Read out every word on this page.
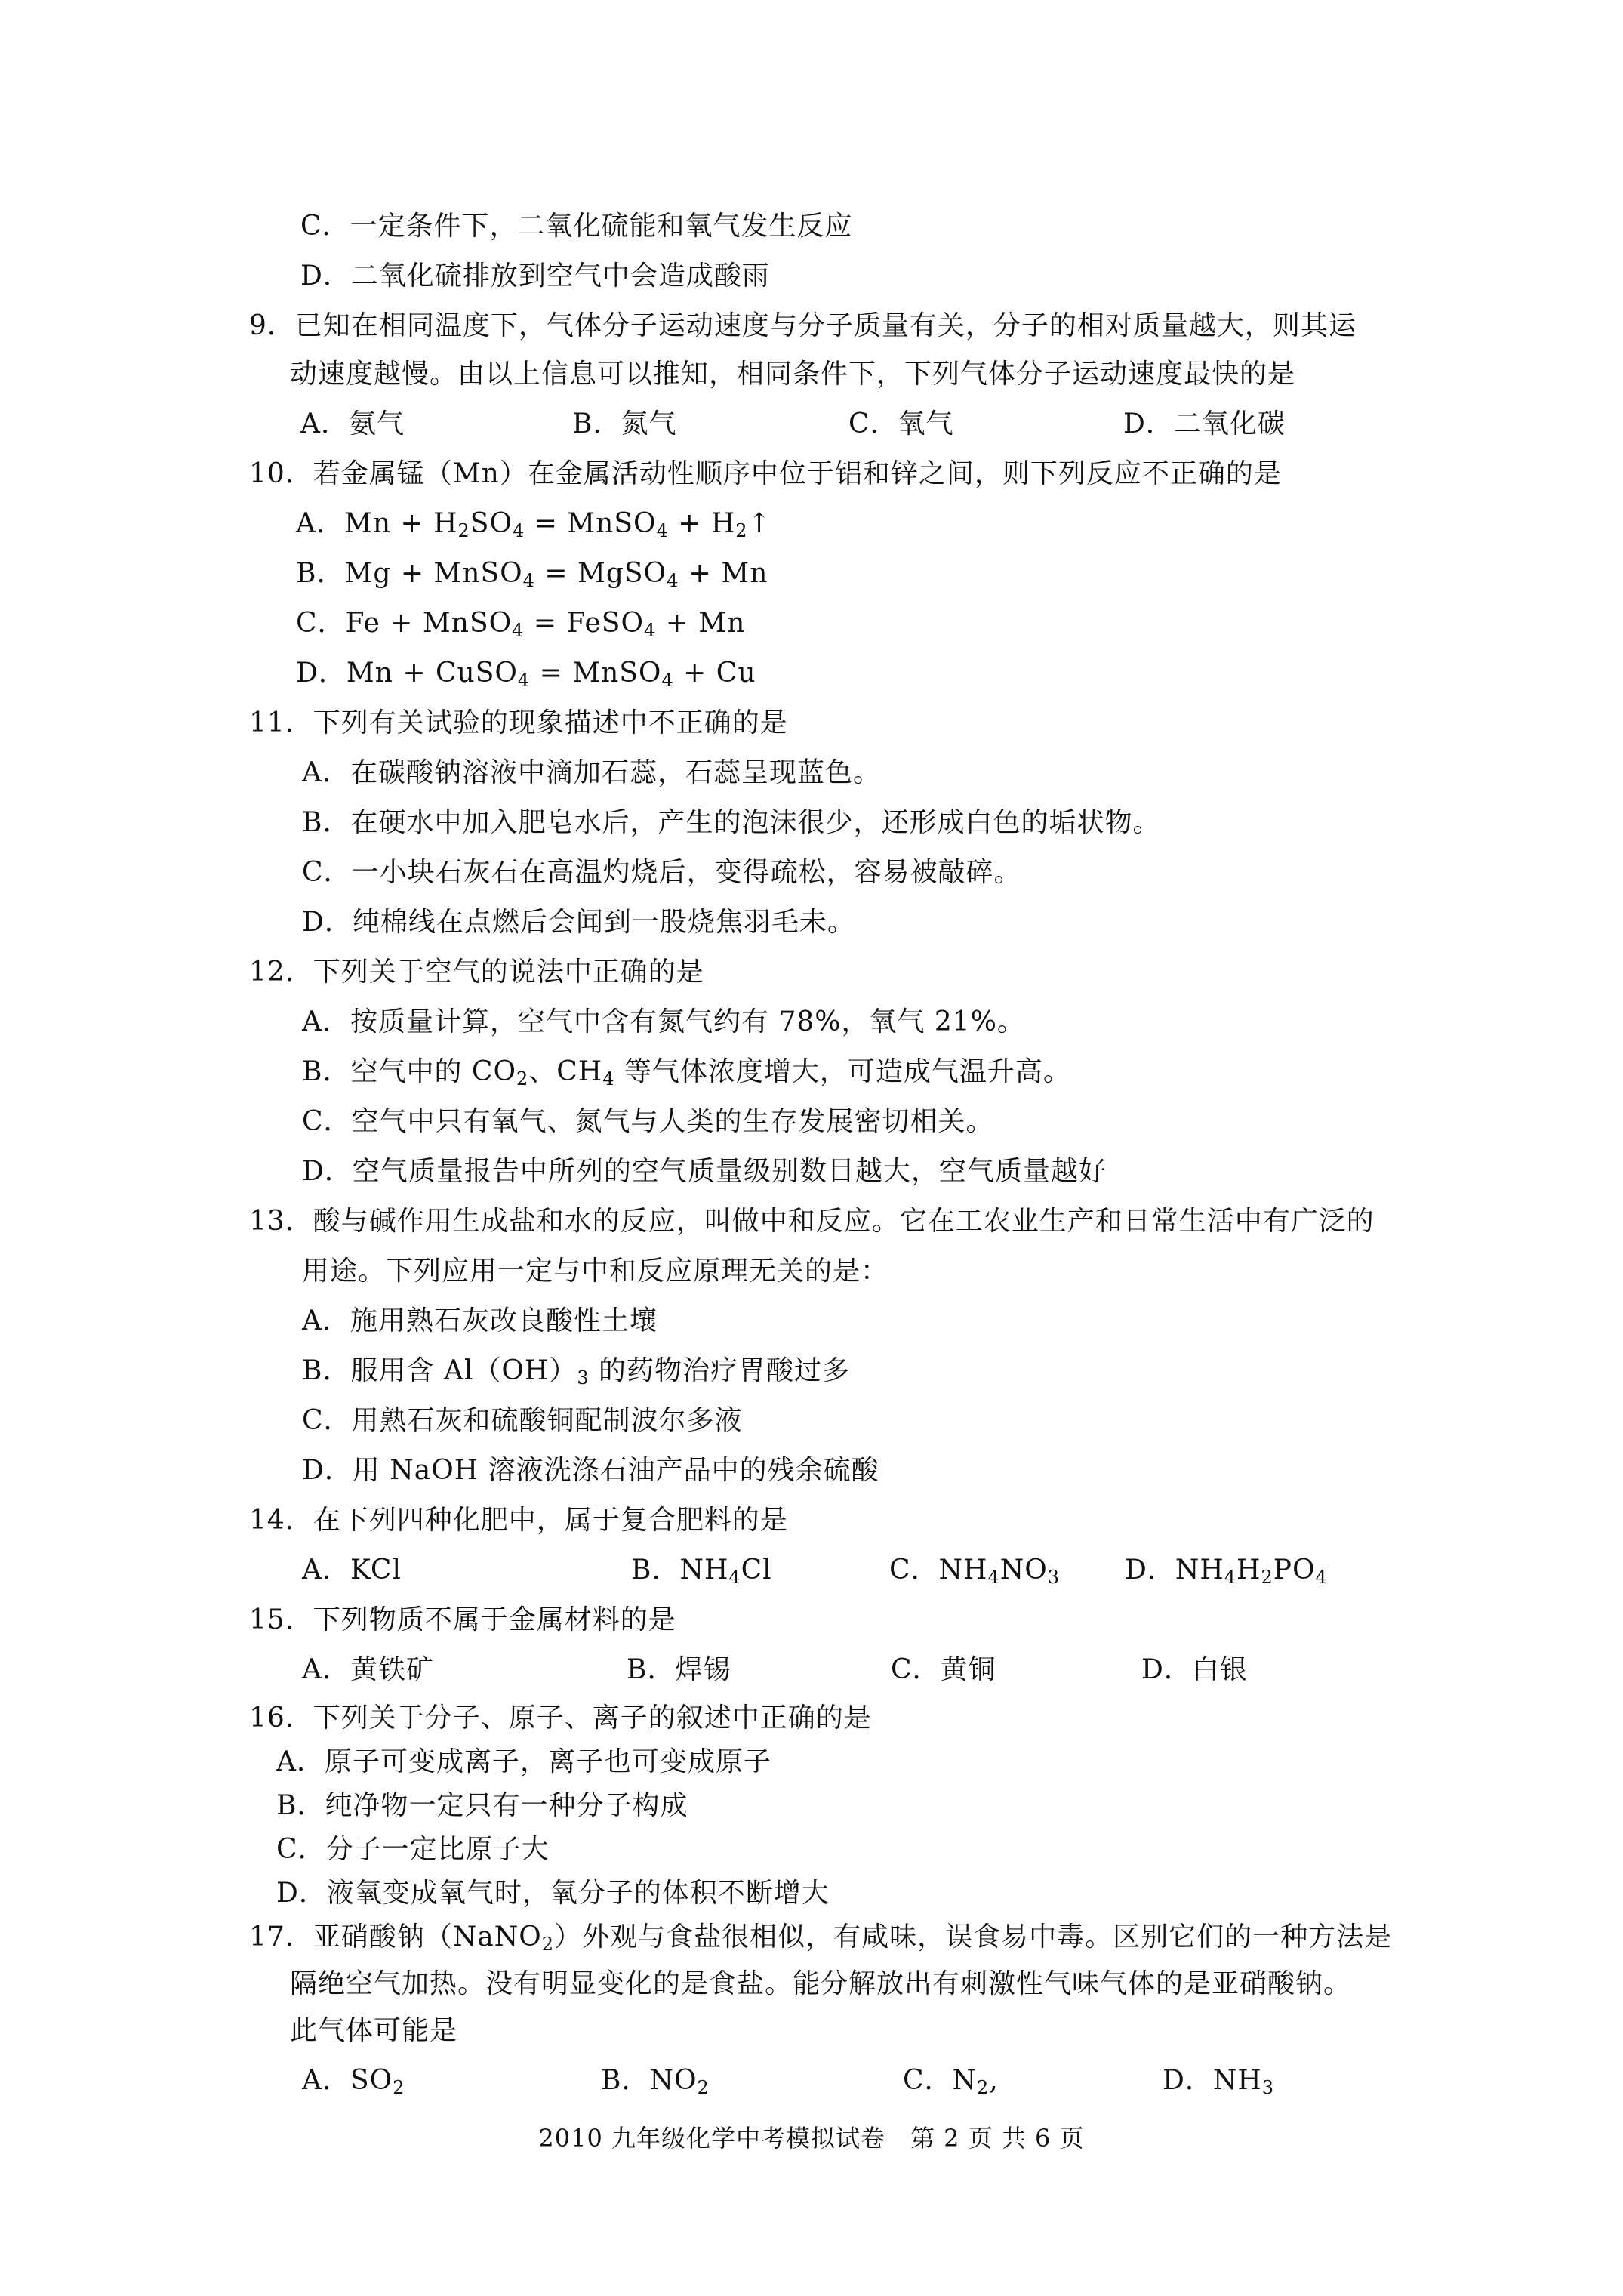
C．一定条件下，二氧化硫能和氧气发生反应
D．二氧化硫排放到空气中会造成酸雨
9．已知在相同温度下，气体分子运动速度与分子质量有关，分子的相对质量越大，则其运
动速度越慢。由以上信息可以推知，相同条件下，下列气体分子运动速度最快的是
A．氨气	B．氮气	C．氧气	D．二氧化碳
10．若金属锰（Mn）在金属活动性顺序中位于铝和锌之间，则下列反应不正确的是
A．$Mn + H_2SO_4$ = MnSO$_4$ + $H_2↑$
B．Mg + MnSO$_4$ = MgSO$_4$ + Mn
C．Fe + MnSO$_4$ = FeSO$_4$ + Mn
D．Mn + CuSO$_4$ = MnSO$_4$ + Cu
11．下列有关试验的现象描述中不正确的是
A．在碳酸钠溶液中滴加石蕊，石蕊呈现蓝色。
B．在硬水中加入肥皂水后，产生的泡沫很少，还形成白色的垢状物。
C．一小块石灰石在高温灼烧后，变得疏松，容易被敲碎。
D．纯棉线在点燃后会闻到一股烧焦羽毛未。
12．下列关于空气的说法中正确的是
A．按质量计算，空气中含有氮气约有 78%，氧气 21%。
B．空气中的 $CO_2$、$CH_4$ 等气体浓度增大，可造成气温升高。
C．空气中只有氧气、氮气与人类的生存发展密切相关。
D．空气质量报告中所列的空气质量级别数目越大，空气质量越好
13．酸与碱作用生成盐和水的反应，叫做中和反应。它在工农业生产和日常生活中有广泛的
用途。下列应用一定与中和反应原理无关的是：
A．施用熟石灰改良酸性土壤
B．服用含 $Al(OH)_3$ 的药物治疗胃酸过多
C．用熟石灰和硫酸铜配制波尔多液
D．用 NaOH 溶液洗涤石油产品中的残余硫酸
14．在下列四种化肥中，属于复合肥料的是
A．KCl	B．$NH_4Cl$	C．$NH_4NO_3$ D．$NH_4H_2PO_4$
15．下列物质不属于金属材料的是
A．黄铁矿	B．焊锡	C．黄铜	D．白银
16．下列关于分子、原子、离子的叙述中正确的是
A．原子可变成离子，离子也可变成原子
B．纯净物一定只有一种分子构成
C．分子一定比原子大
D．液氧变成氧气时，氧分子的体积不断增大
17．亚硝酸钠（NaNO$_2$）外观与食盐很相似，有咸味，误食易中毒。区别它们的一种方法是
隔绝空气加热。没有明显变化的是食盐。能分解放出有刺激性气味气体的是亚硝酸钠。
此气体可能是
A．$SO_2$	B．$NO_2$	C．$N_2$,	D．$NH_3$
2010 九年级化学中考模拟试卷　第 2 页 共 6 页
